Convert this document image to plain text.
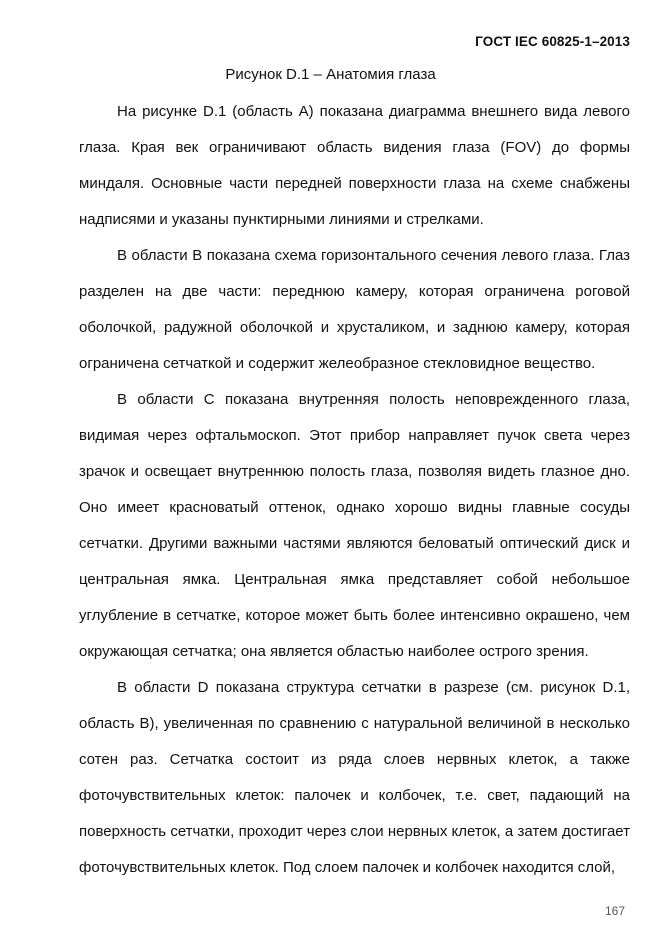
ГОСТ IEC 60825-1–2013
Рисунок D.1 – Анатомия глаза

На рисунке D.1 (область А) показана диаграмма внешнего вида левого глаза. Края век ограничивают область видения глаза (FOV) до формы миндаля. Основные части передней поверхности глаза на схеме снабжены надписями и указаны пунктирными линиями и стрелками.

В области В показана схема горизонтального сечения левого глаза. Глаз разделен на две части: переднюю камеру, которая ограничена роговой оболочкой, радужной оболочкой и хрусталиком, и заднюю камеру, которая ограничена сетчаткой и содержит желеобразное стекловидное вещество.

В области С показана внутренняя полость неповрежденного глаза, видимая через офтальмоскоп. Этот прибор направляет пучок света через зрачок и освещает внутреннюю полость глаза, позволяя видеть глазное дно. Оно имеет красноватый оттенок, однако хорошо видны главные сосуды сетчатки. Другими важными частями являются беловатый оптический диск и центральная ямка. Центральная ямка представляет собой небольшое углубление в сетчатке, которое может быть более интенсивно окрашено, чем окружающая сетчатка; она является областью наиболее острого зрения.

В области D показана структура сетчатки в разрезе (см. рисунок D.1, область В), увеличенная по сравнению с натуральной величиной в несколько сотен раз. Сетчатка состоит из ряда слоев нервных клеток, а также фоточувствительных клеток: палочек и колбочек, т.е. свет, падающий на поверхность сетчатки, проходит через слои нервных клеток, а затем достигает фоточувствительных клеток. Под слоем палочек и колбочек находится слой,

167
